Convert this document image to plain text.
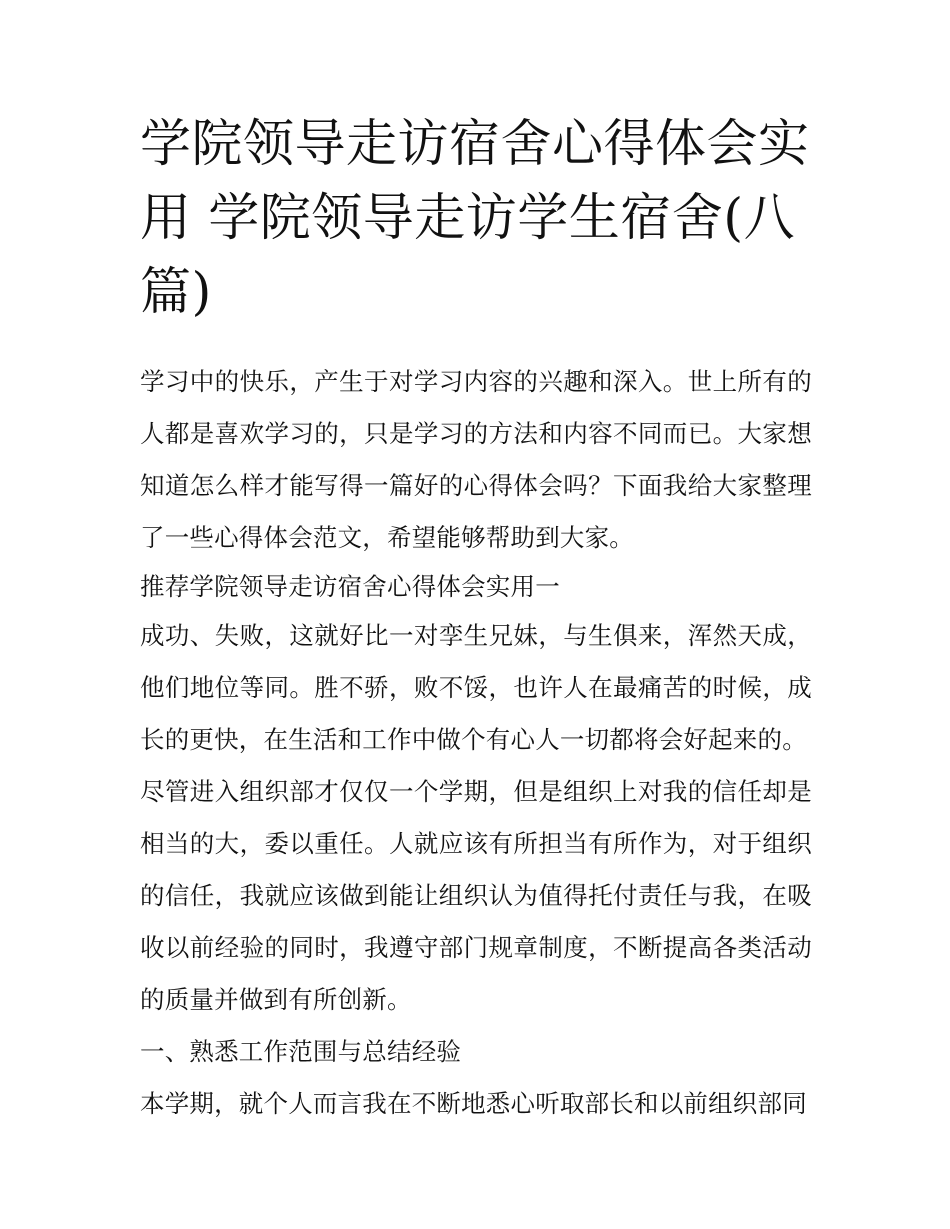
学院领导走访宿舍心得体会实用 学院领导走访学生宿舍(八篇)

学习中的快乐，产生于对学习内容的兴趣和深入。世上所有的人都是喜欢学习的，只是学习的方法和内容不同而已。大家想知道怎么样才能写得一篇好的心得体会吗？下面我给大家整理了一些心得体会范文，希望能够帮助到大家。

推荐学院领导走访宿舍心得体会实用一

成功、失败，这就好比一对孪生兄妹，与生俱来，浑然天成，他们地位等同。胜不骄，败不馁，也许人在最痛苦的时候，成长的更快，在生活和工作中做个有心人一切都将会好起来的。

尽管进入组织部才仅仅一个学期，但是组织上对我的信任却是相当的大，委以重任。人就应该有所担当有所作为，对于组织的信任，我就应该做到能让组织认为值得托付责任与我，在吸收以前经验的同时，我遵守部门规章制度，不断提高各类活动的质量并做到有所创新。

一、熟悉工作范围与总结经验

本学期，就个人而言我在不断地悉心听取部长和以前组织部同
